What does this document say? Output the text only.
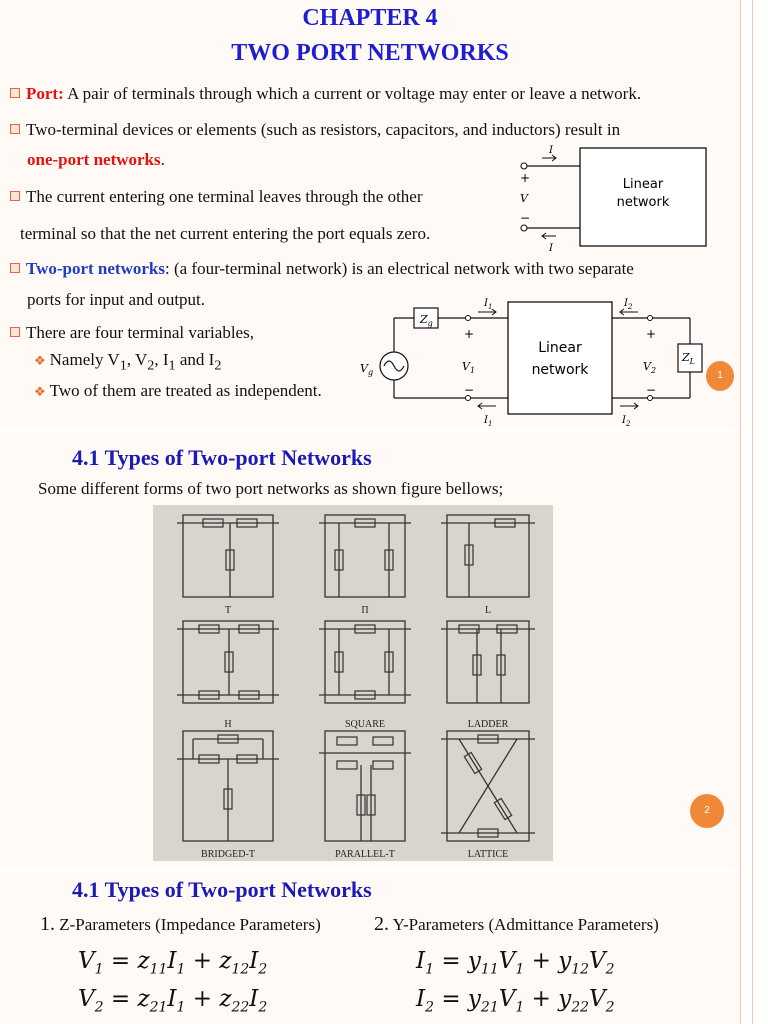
CHAPTER 4
TWO PORT NETWORKS
Port: A pair of terminals through which a current or voltage may enter or leave a network.
Two-terminal devices or elements (such as resistors, capacitors, and inductors) result in
one-port networks.
The current entering one terminal leaves through the other
terminal so that the net current entering the port equals zero.
Two-port networks: (a four-terminal network) is an electrical network with two separate
ports for input and output.
There are four terminal variables,
❖ Namely $V_1$, $V_2$, $I_1$ and $I_2$
❖ Two of them are treated as independent.
I
I
+
V
−
Linear
network
$Z_g$
$V_g$
+
$V_1$
−
$I_1$
$I_1$
Linear
network
$Z_L$
+
$V_2$
−
$I_2$
$I_2$
4.1 Types of Two-port Networks
Some different forms of two port networks as shown figure bellows;
T	Π	L
H	SQUARE	LADDER
BRIDGED-T	PARALLEL-T	LATTICE
2
1
4.1 Types of Two-port Networks
1. Z-Parameters (Impedance Parameters)	2. Y-Parameters (Admittance Parameters)
$V_1 = z_{11}I_1 + z_{12}I_2$
$V_2 = z_{21}I_1 + z_{22}I_2$
$I_1 = y_{11}V_1 + y_{12}V_2$
$I_2 = y_{21}V_1 + y_{22}V_2$
